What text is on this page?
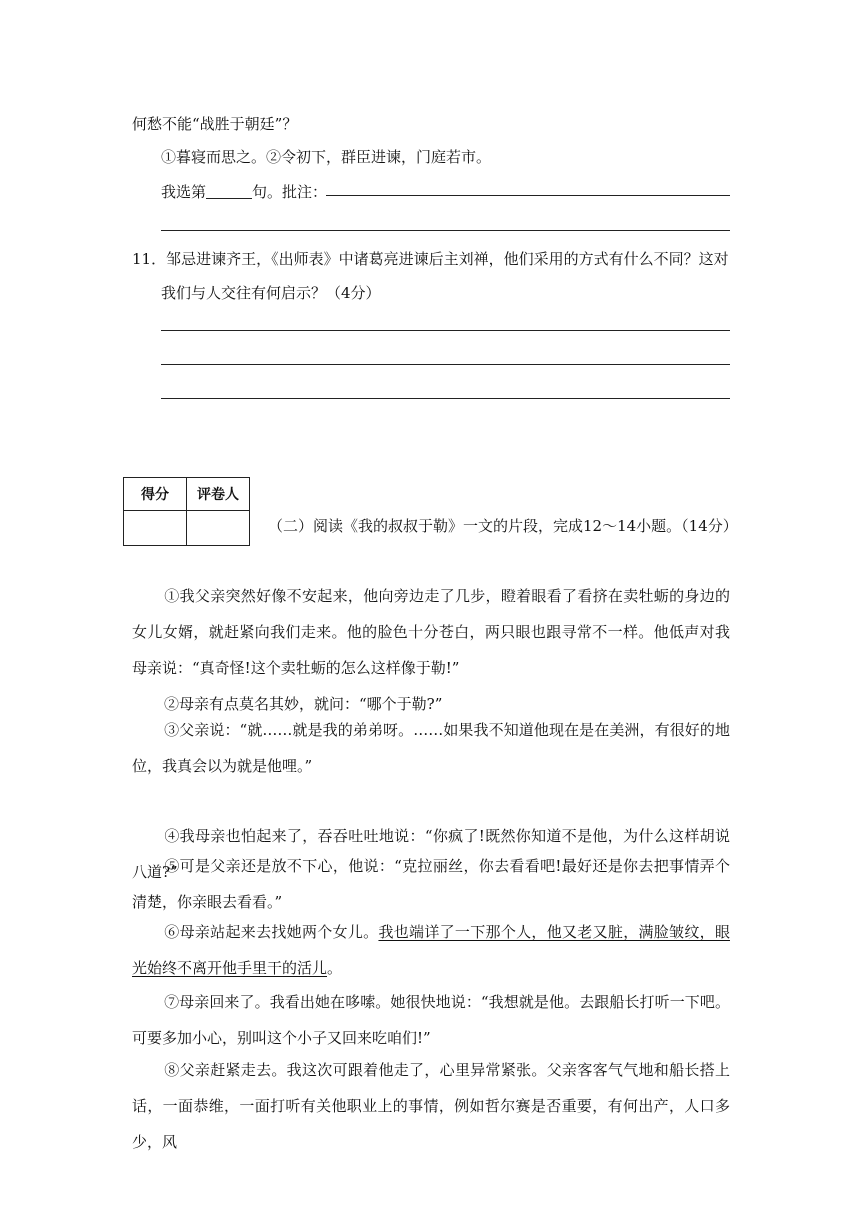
何愁不能“战胜于朝廷”？
①暮寝而思之。②令初下，群臣进谏，门庭若市。
我选第	句。批注：
11．邹忌进谏齐王，《出师表》中诸葛亮进谏后主刘禅，他们采用的方式有什么不同？这对
我们与人交往有何启示？（4分）
得分	评卷人

（二）阅读《我的叔叔于勒》一文的片段，完成12～14小题。（14分）
①我父亲突然好像不安起来，他向旁边走了几步，瞪着眼看了看挤在卖牡蛎的身边的女儿女婿，就赶紧向我们走来。他的脸色十分苍白，两只眼也跟寻常不一样。他低声对我母亲说：“真奇怪!这个卖牡蛎的怎么这样像于勒!”
②母亲有点莫名其妙，就问：“哪个于勒?”
③父亲说：“就……就是我的弟弟呀。……如果我不知道他现在是在美洲，有很好的地位，我真会以为就是他哩。”
④我母亲也怕起来了，吞吞吐吐地说：“你疯了!既然你知道不是他，为什么这样胡说八道?”
⑤可是父亲还是放不下心，他说：“克拉丽丝，你去看看吧!最好还是你去把事情弄个清楚，你亲眼去看看。”
⑥母亲站起来去找她两个女儿。我也端详了一下那个人，他又老又脏，满脸皱纹，眼光始终不离开他手里干的活儿。
⑦母亲回来了。我看出她在哆嗦。她很快地说：“我想就是他。去跟船长打听一下吧。可要多加小心，别叫这个小子又回来吃咱们!”
⑧父亲赶紧走去。我这次可跟着他走了，心里异常紧张。父亲客客气气地和船长搭上话，一面恭维，一面打听有关他职业上的事情，例如哲尔赛是否重要，有何出产，人口多少，风
